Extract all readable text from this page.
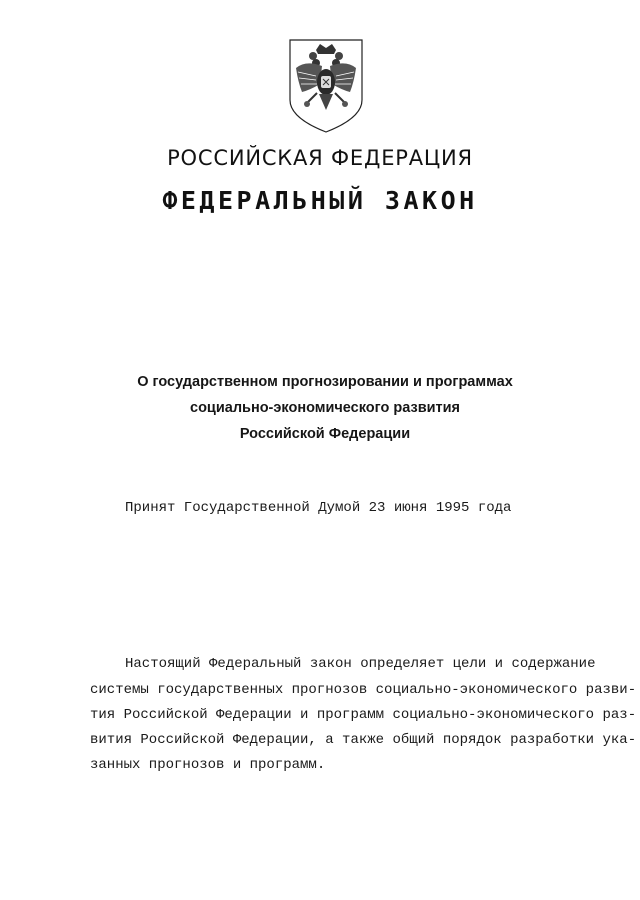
РОССИЙСКАЯ ФЕДЕРАЦИЯ
ФЕДЕРАЛЬНЫЙ ЗАКОН
О государственном прогнозировании и программах
социально-экономического развития
Российской Федерации
Принят Государственной Думой 23 июня 1995 года
Настоящий Федеральный закон определяет цели и содержание
системы государственных прогнозов социально-экономического разви-
тия Российской Федерации и программ социально-экономического раз-
вития Российской Федерации, а также общий порядок разработки ука-
занных прогнозов и программ.
